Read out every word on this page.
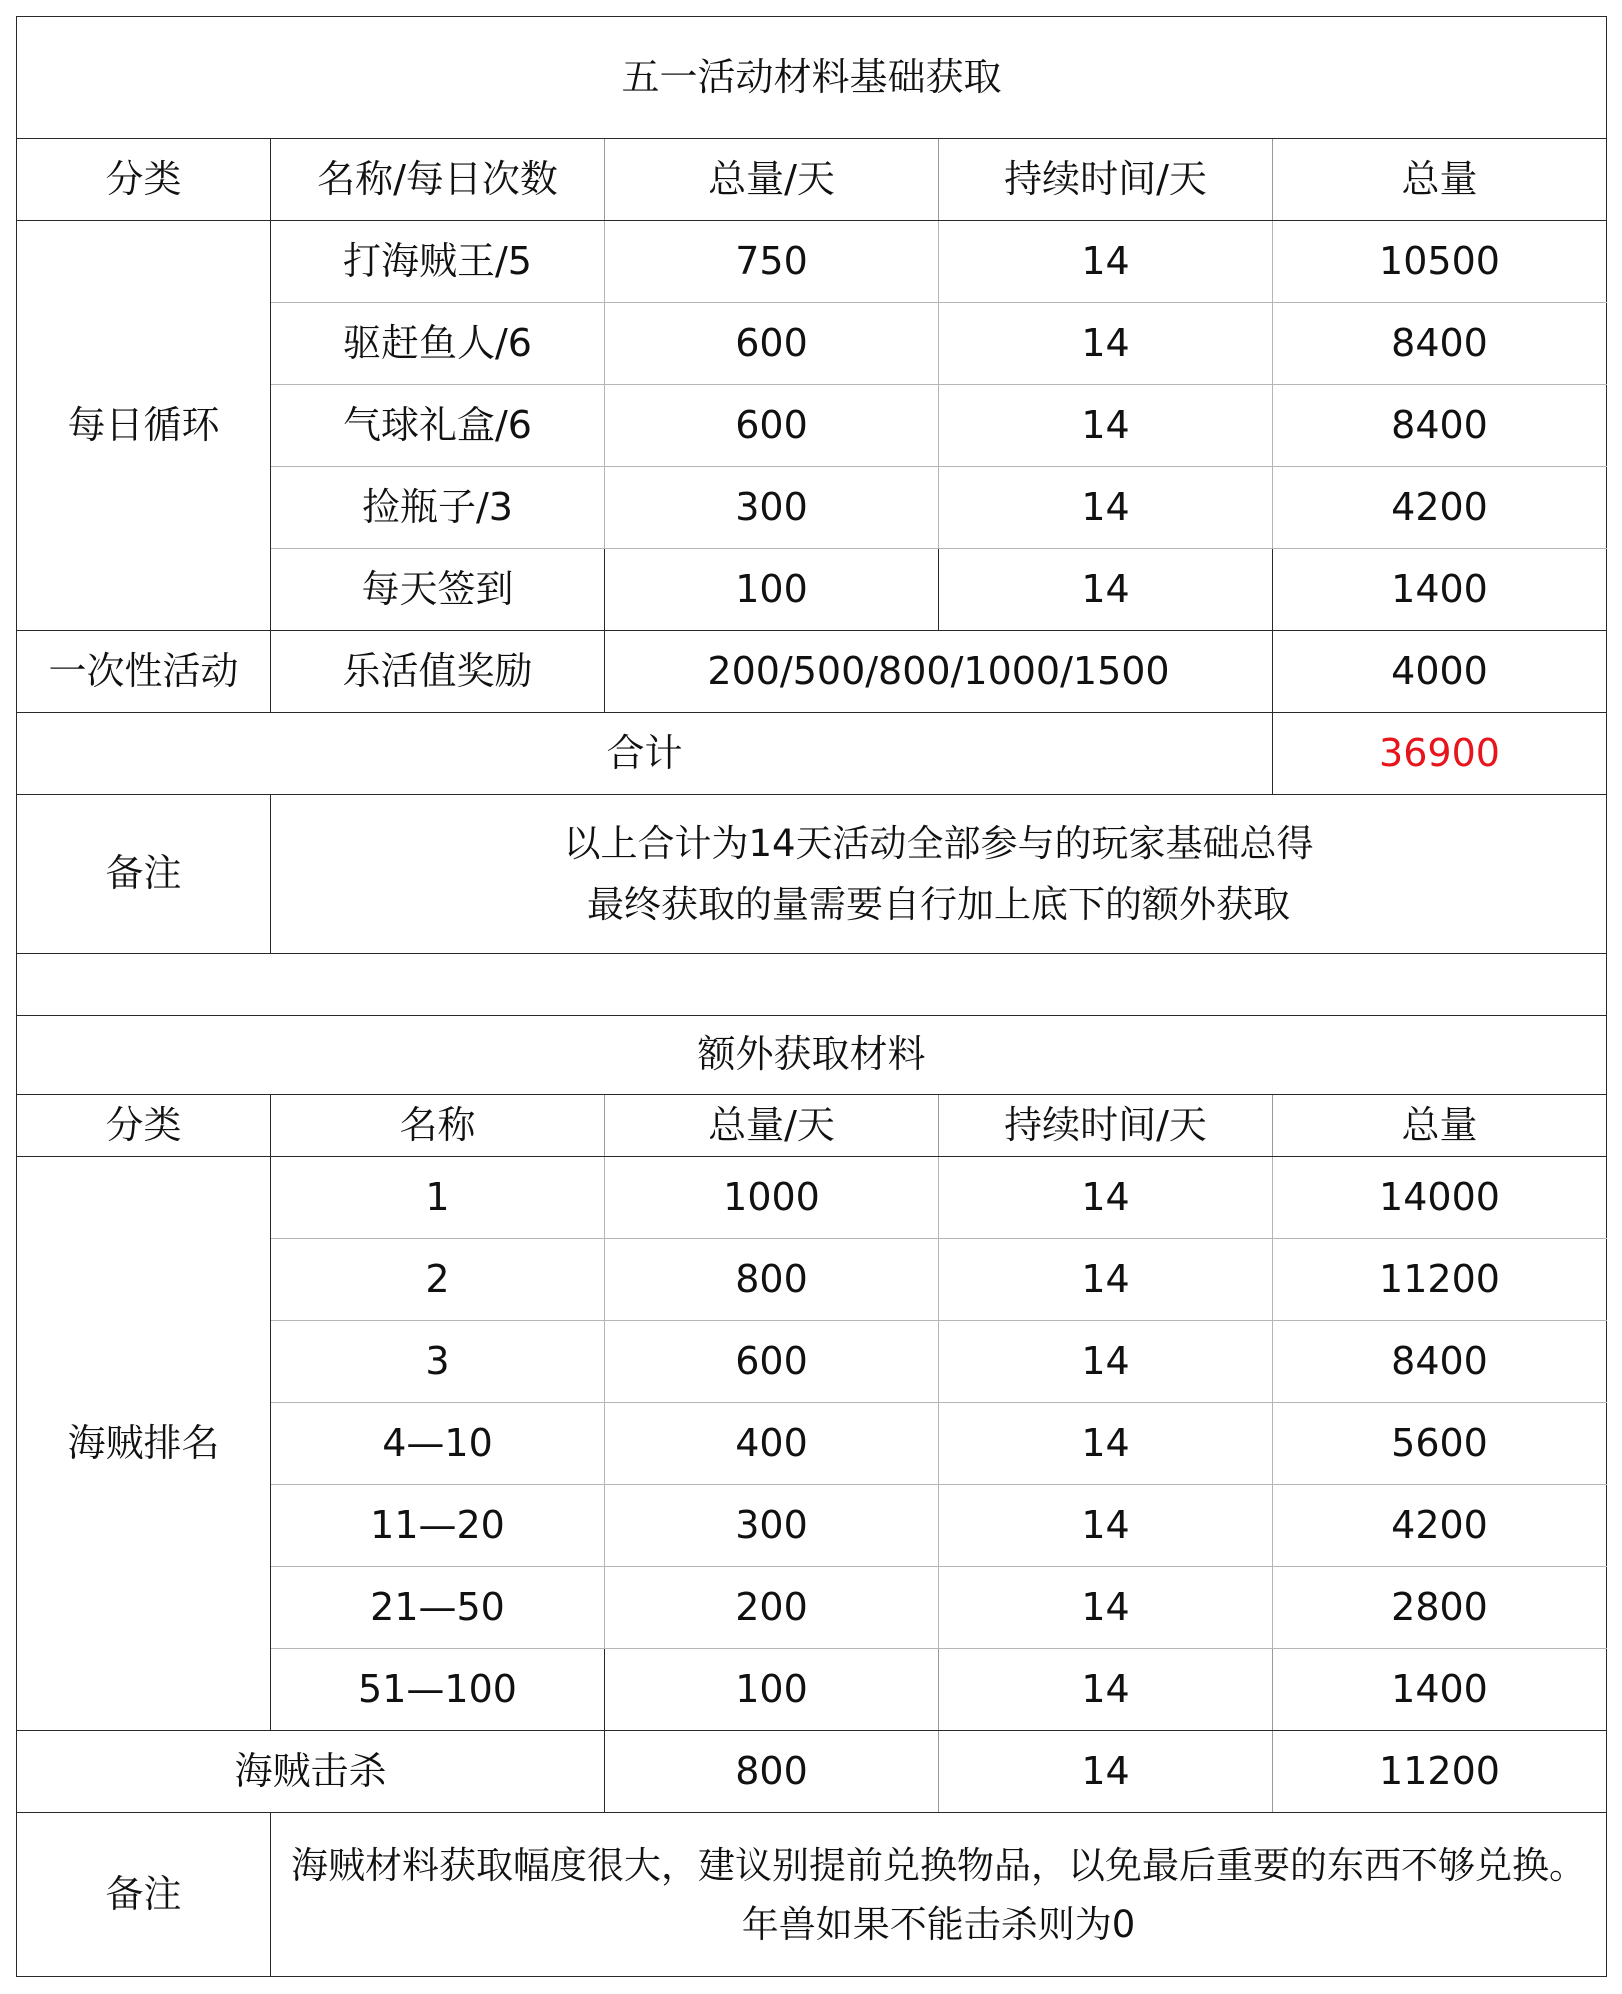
五一活动材料基础获取				
分类	名称/每日次数	总量/天	持续时间/天	总量
每日循环	打海贼王/5	750	14	10500
	驱赶鱼人/6	600	14	8400
	气球礼盒/6	600	14	8400
	捡瓶子/3	300	14	4200
	每天签到	100	14	1400
一次性活动	乐活值奖励	200/500/800/1000/1500		4000
合计				36900
备注	以上合计为14天活动全部参与的玩家基础总得
最终获取的量需要自行加上底下的额外获取			

额外获取材料				
分类	名称	总量/天	持续时间/天	总量
海贼排名	1	1000	14	14000
	2	800	14	11200
	3	600	14	8400
	4—10	400	14	5600
	11—20	300	14	4200
	21—50	200	14	2800
	51—100	100	14	1400
海贼击杀		800	14	11200
备注	海贼材料获取幅度很大，建议别提前兑换物品，以免最后重要的东西不够兑换。年兽如果不能击杀则为0			
